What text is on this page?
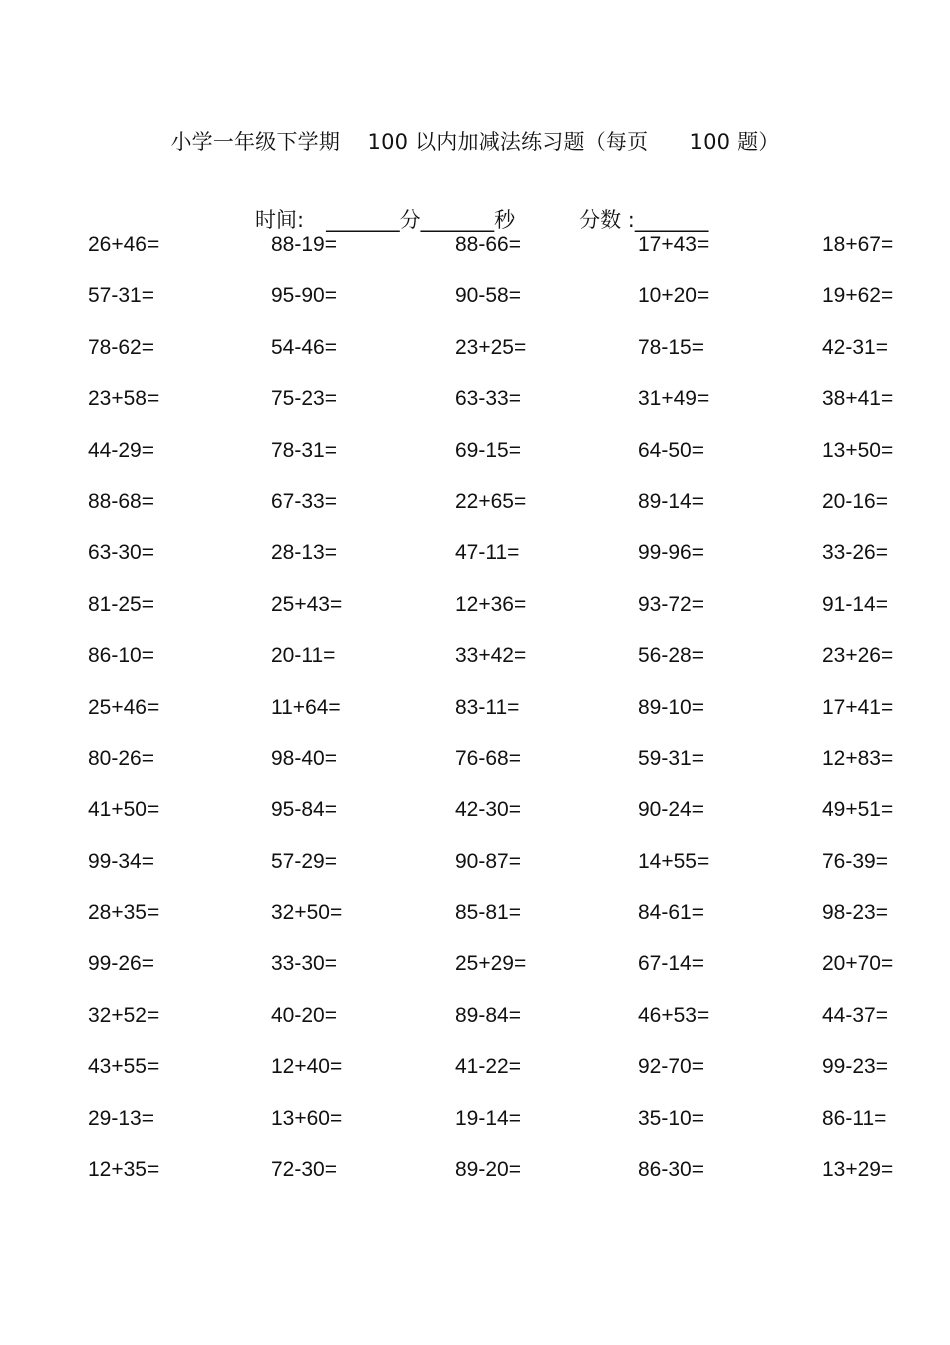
小学一年级下学期    100 以内加减法练习题（每页      100 题）

时间: _______分_______秒	分数 :_______

26+46=	88-19=	88-66=	17+43=	18+67=
57-31=	95-90=	90-58=	10+20=	19+62=
78-62=	54-46=	23+25=	78-15=	42-31=
23+58=	75-23=	63-33=	31+49=	38+41=
44-29=	78-31=	69-15=	64-50=	13+50=
88-68=	67-33=	22+65=	89-14=	20-16=
63-30=	28-13=	47-11=	99-96=	33-26=
81-25=	25+43=	12+36=	93-72=	91-14=
86-10=	20-11=	33+42=	56-28=	23+26=
25+46=	11+64=	83-11=	89-10=	17+41=
80-26=	98-40=	76-68=	59-31=	12+83=
41+50=	95-84=	42-30=	90-24=	49+51=
99-34=	57-29=	90-87=	14+55=	76-39=
28+35=	32+50=	85-81=	84-61=	98-23=
99-26=	33-30=	25+29=	67-14=	20+70=
32+52=	40-20=	89-84=	46+53=	44-37=
43+55=	12+40=	41-22=	92-70=	99-23=
29-13=	13+60=	19-14=	35-10=	86-11=
12+35=	72-30=	89-20=	86-30=	13+29=
